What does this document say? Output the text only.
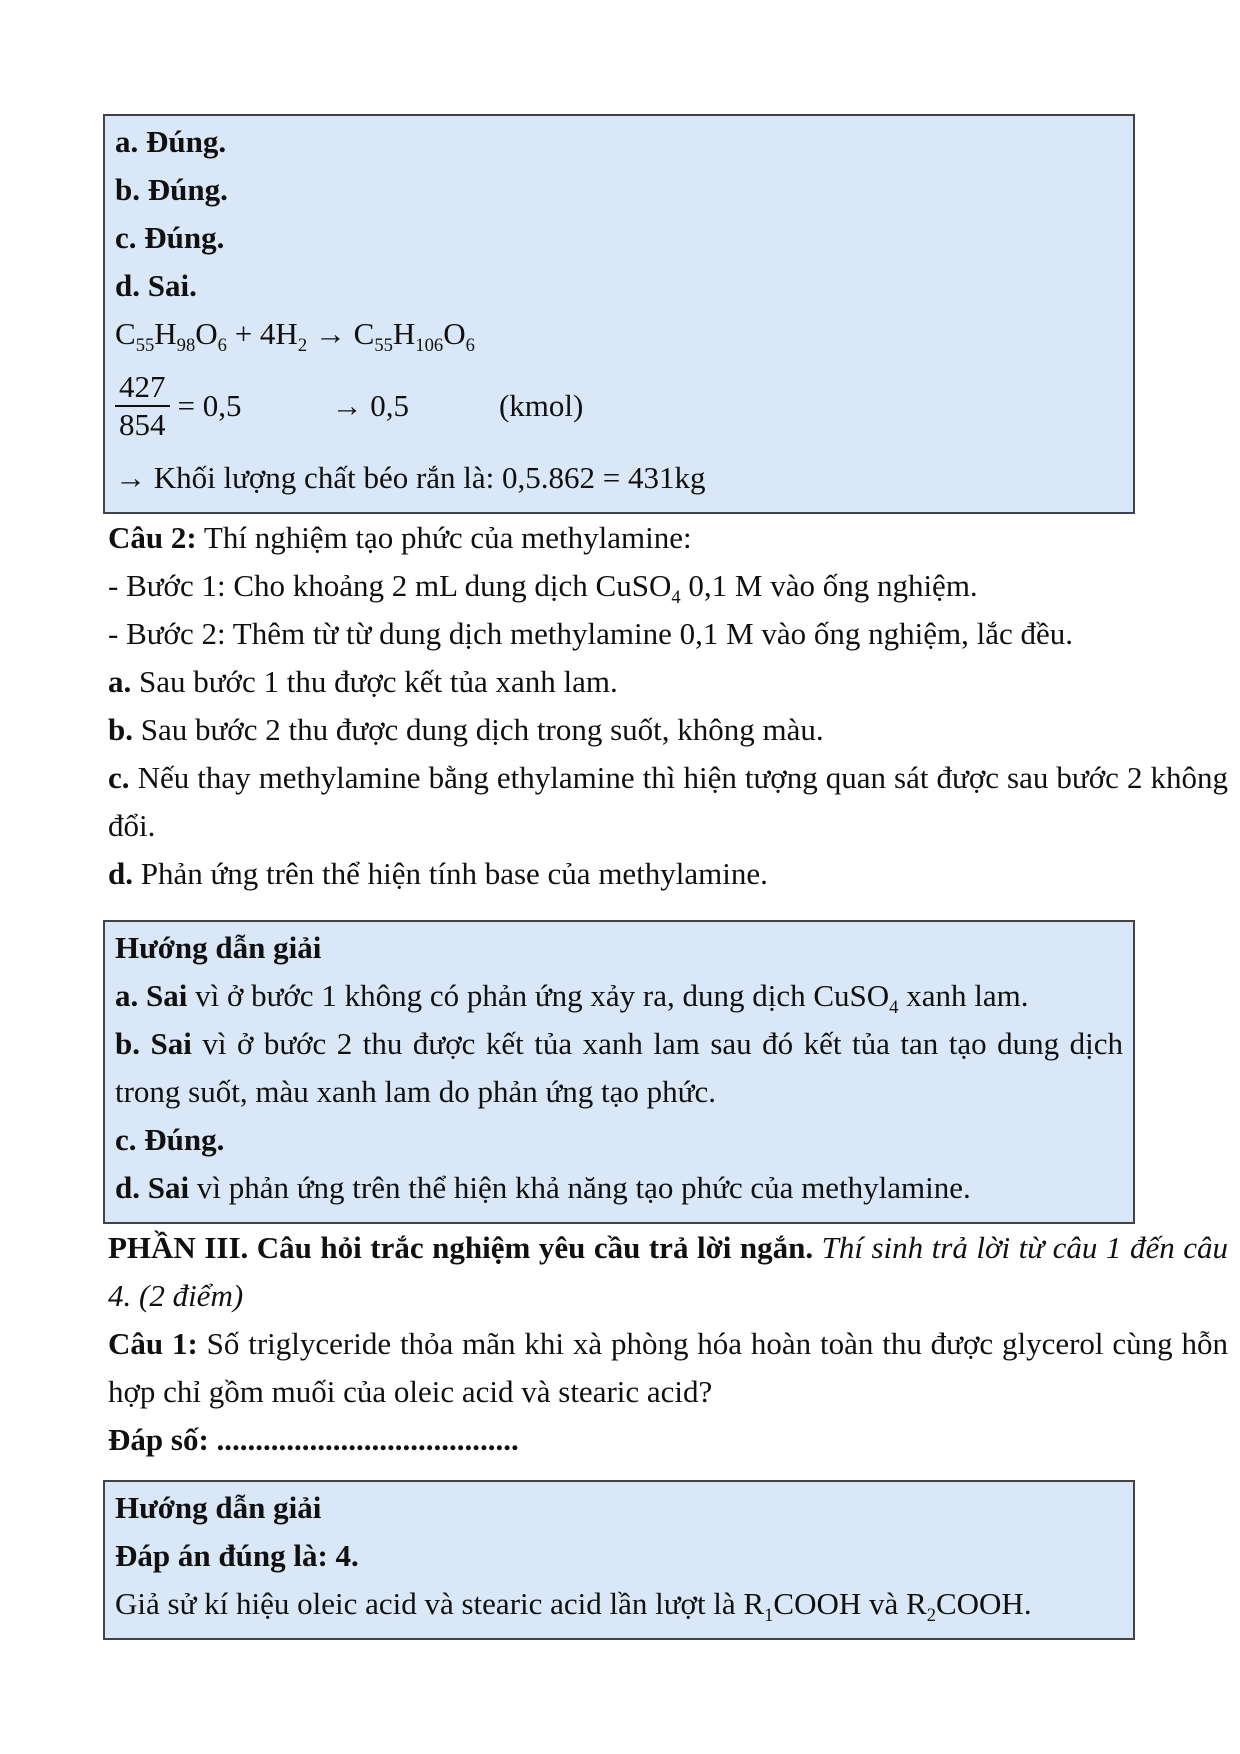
a. Đúng.

b. Đúng.

c. Đúng.

d. Sai.

$C_{55}H_{98}O_6 + 4H_2 \to C_{55}H_{106}O_6$

$\frac{427}{854} = 0,5$	→ 0,5	(kmol)

→ Khối lượng chất béo rắn là: 0,5.862 = 431kg

Câu 2: Thí nghiệm tạo phức của methylamine:

- Bước 1: Cho khoảng 2 mL dung dịch CuSO$_4$ 0,1 M vào ống nghiệm.

- Bước 2: Thêm từ từ dung dịch methylamine 0,1 M vào ống nghiệm, lắc đều.

a. Sau bước 1 thu được kết tủa xanh lam.

b. Sau bước 2 thu được dung dịch trong suốt, không màu.

c. Nếu thay methylamine bằng ethylamine thì hiện tượng quan sát được sau bước 2 không đổi.

d. Phản ứng trên thể hiện tính base của methylamine.

Hướng dẫn giải

a. Sai vì ở bước 1 không có phản ứng xảy ra, dung dịch CuSO$_4$ xanh lam.

b. Sai vì ở bước 2 thu được kết tủa xanh lam sau đó kết tủa tan tạo dung dịch trong suốt, màu xanh lam do phản ứng tạo phức.

c. Đúng.

d. Sai vì phản ứng trên thể hiện khả năng tạo phức của methylamine.

PHẦN III. Câu hỏi trắc nghiệm yêu cầu trả lời ngắn. Thí sinh trả lời từ câu 1 đến câu 4. (2 điểm)

Câu 1: Số triglyceride thỏa mãn khi xà phòng hóa hoàn toàn thu được glycerol cùng hỗn hợp chỉ gồm muối của oleic acid và stearic acid?

Đáp số: .......................................

Hướng dẫn giải

Đáp án đúng là: 4.

Giả sử kí hiệu oleic acid và stearic acid lần lượt là $R_1COOH$ và $R_2COOH$.
